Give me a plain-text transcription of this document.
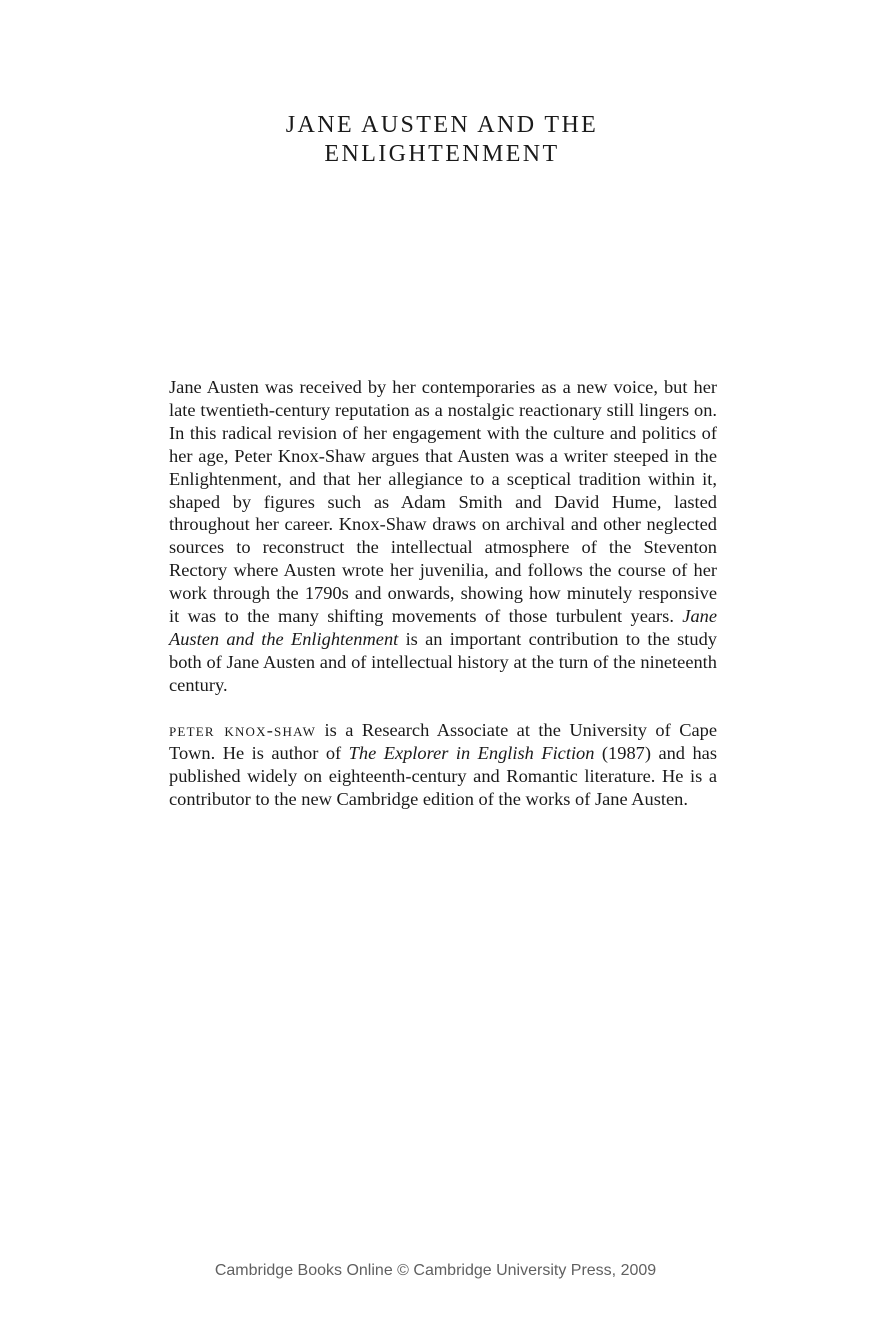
JANE AUSTEN AND THE
ENLIGHTENMENT

Jane Austen was received by her contemporaries as a new voice, but her late twentieth-century reputation as a nostalgic reactionary still lingers on. In this radical revision of her engagement with the culture and politics of her age, Peter Knox-Shaw argues that Austen was a writer steeped in the Enlightenment, and that her allegiance to a sceptical tradition within it, shaped by figures such as Adam Smith and David Hume, lasted throughout her career. Knox-Shaw draws on archival and other neglected sources to reconstruct the intellectual atmosphere of the Steventon Rectory where Austen wrote her juvenilia, and follows the course of her work through the 1790s and onwards, showing how minutely responsive it was to the many shifting movements of those turbulent years. Jane Austen and the Enlightenment is an important contribution to the study both of Jane Austen and of intellectual history at the turn of the nineteenth century.

peter knox-shaw is a Research Associate at the University of Cape Town. He is author of The Explorer in English Fiction (1987) and has published widely on eighteenth-century and Romantic literature. He is a contributor to the new Cambridge edition of the works of Jane Austen.

Cambridge Books Online © Cambridge University Press, 2009
